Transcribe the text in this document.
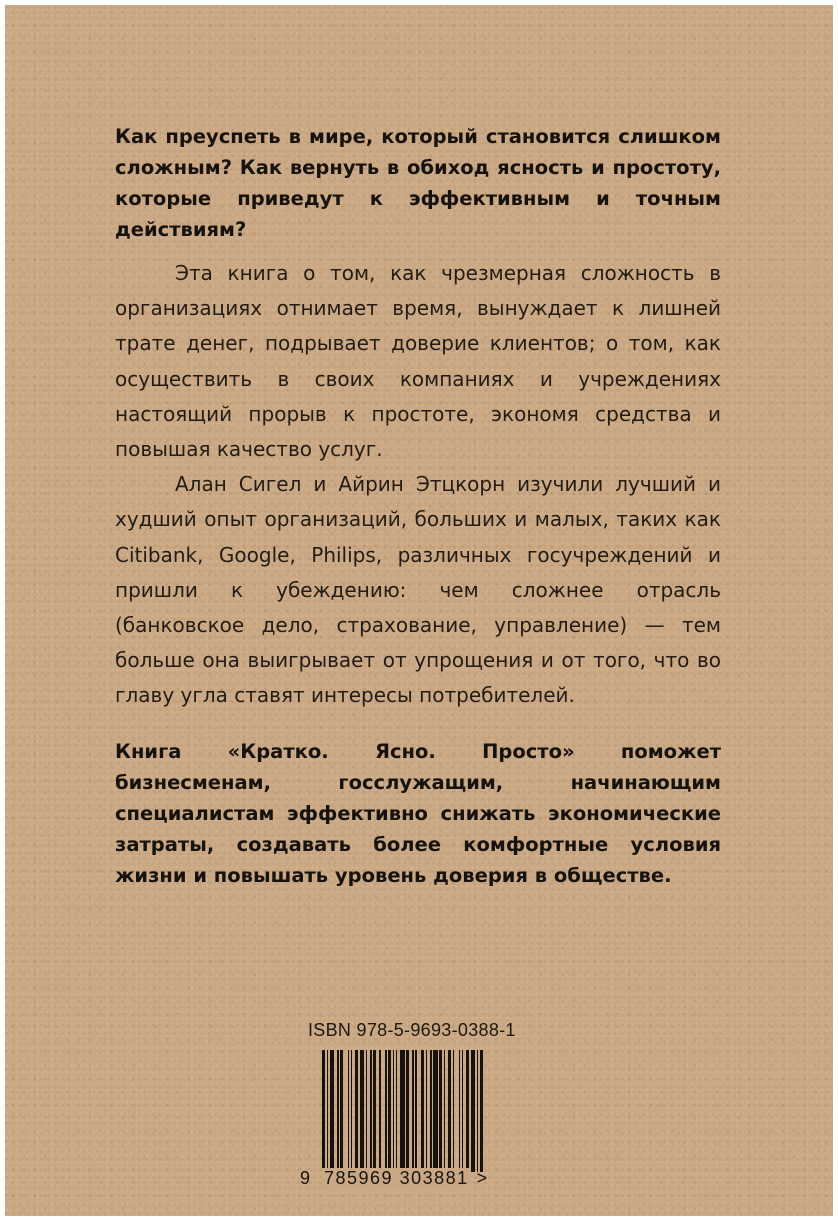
Как преуспеть в мире, который становится слишком сложным? Как вернуть в обиход ясность и простоту, которые приведут к эффективным и точным действиям?

Эта книга о том, как чрезмерная сложность в организациях отнимает время, вынуждает к лишней трате денег, подрывает доверие клиентов; о том, как осуществить в своих компаниях и учреждениях настоящий прорыв к простоте, экономя средства и повышая качество услуг.

Алан Сигел и Айрин Этцкорн изучили лучший и худший опыт организаций, больших и малых, таких как Citibank, Google, Philips, различных госучреждений и пришли к убеждению: чем сложнее отрасль (банковское дело, страхование, управление) — тем больше она выигрывает от упрощения и от того, что во главу угла ставят интересы потребителей.

Книга «Кратко. Ясно. Просто» поможет бизнесменам, госслужащим, начинающим специалистам эффективно снижать экономические затраты, создавать более комфортные условия жизни и повышать уровень доверия в обществе.

ISBN 978-5-9693-0388-1
9 785969 303881 >
